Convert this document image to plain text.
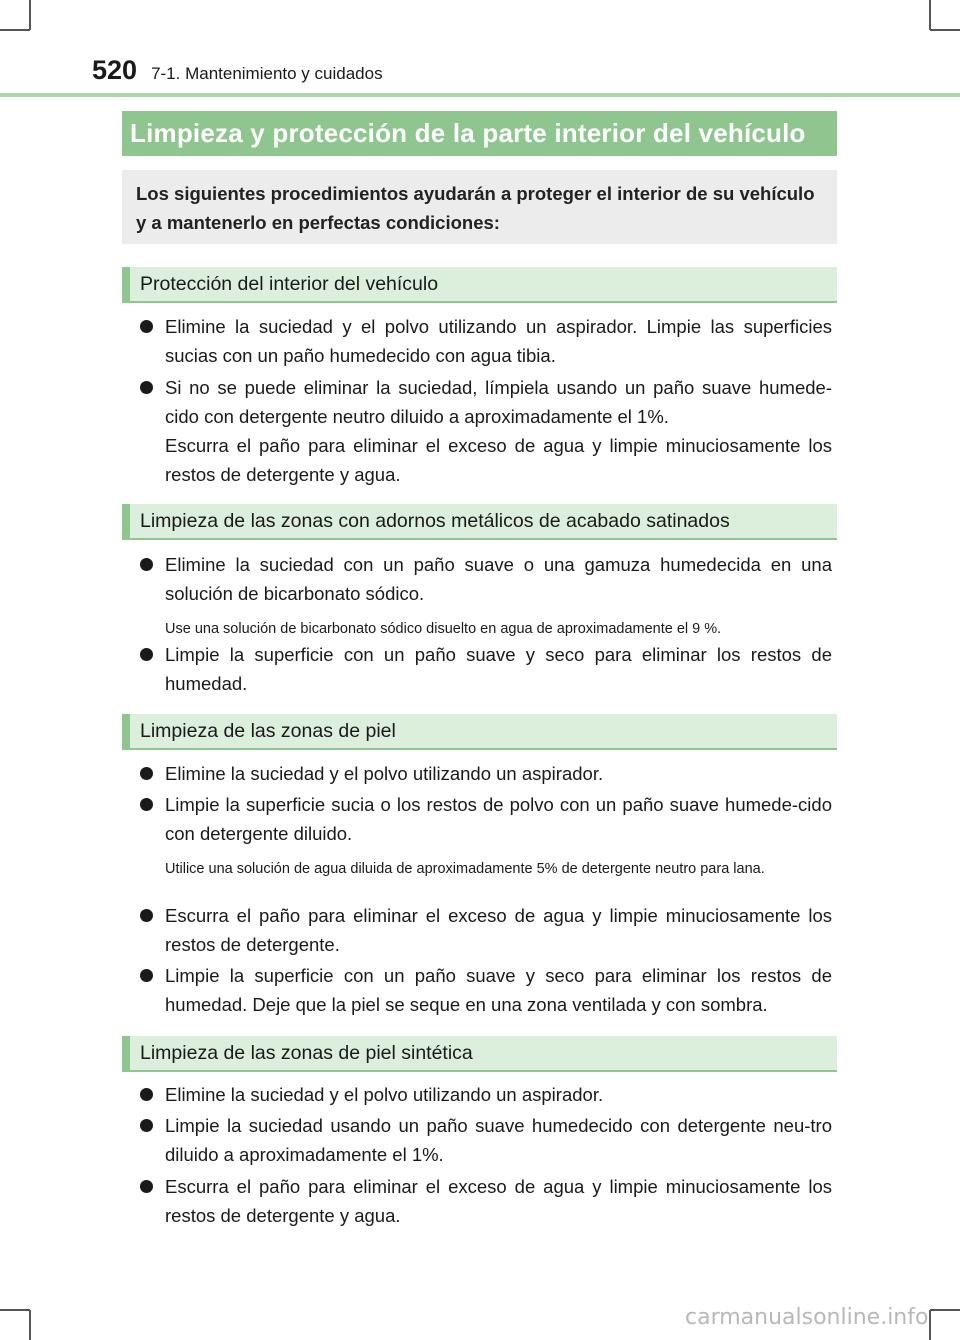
520 7-1. Mantenimiento y cuidados
Limpieza y protección de la parte interior del vehículo
Los siguientes procedimientos ayudarán a proteger el interior de su vehículo y a mantenerlo en perfectas condiciones:
Protección del interior del vehículo
Elimine la suciedad y el polvo utilizando un aspirador. Limpie las superficies sucias con un paño humedecido con agua tibia.
Si no se puede eliminar la suciedad, límpiela usando un paño suave humede-cido con detergente neutro diluido a aproximadamente el 1%.
Escurra el paño para eliminar el exceso de agua y limpie minuciosamente los restos de detergente y agua.
Limpieza de las zonas con adornos metálicos de acabado satinados
Elimine la suciedad con un paño suave o una gamuza humedecida en una solución de bicarbonato sódico.
Use una solución de bicarbonato sódico disuelto en agua de aproximadamente el 9 %.
Limpie la superficie con un paño suave y seco para eliminar los restos de humedad.
Limpieza de las zonas de piel
Elimine la suciedad y el polvo utilizando un aspirador.
Limpie la superficie sucia o los restos de polvo con un paño suave humede-cido con detergente diluido.
Utilice una solución de agua diluida de aproximadamente 5% de detergente neutro para lana.
Escurra el paño para eliminar el exceso de agua y limpie minuciosamente los restos de detergente.
Limpie la superficie con un paño suave y seco para eliminar los restos de humedad. Deje que la piel se seque en una zona ventilada y con sombra.
Limpieza de las zonas de piel sintética
Elimine la suciedad y el polvo utilizando un aspirador.
Limpie la suciedad usando un paño suave humedecido con detergente neu-tro diluido a aproximadamente el 1%.
Escurra el paño para eliminar el exceso de agua y limpie minuciosamente los restos de detergente y agua.
carmanualsonline.info
